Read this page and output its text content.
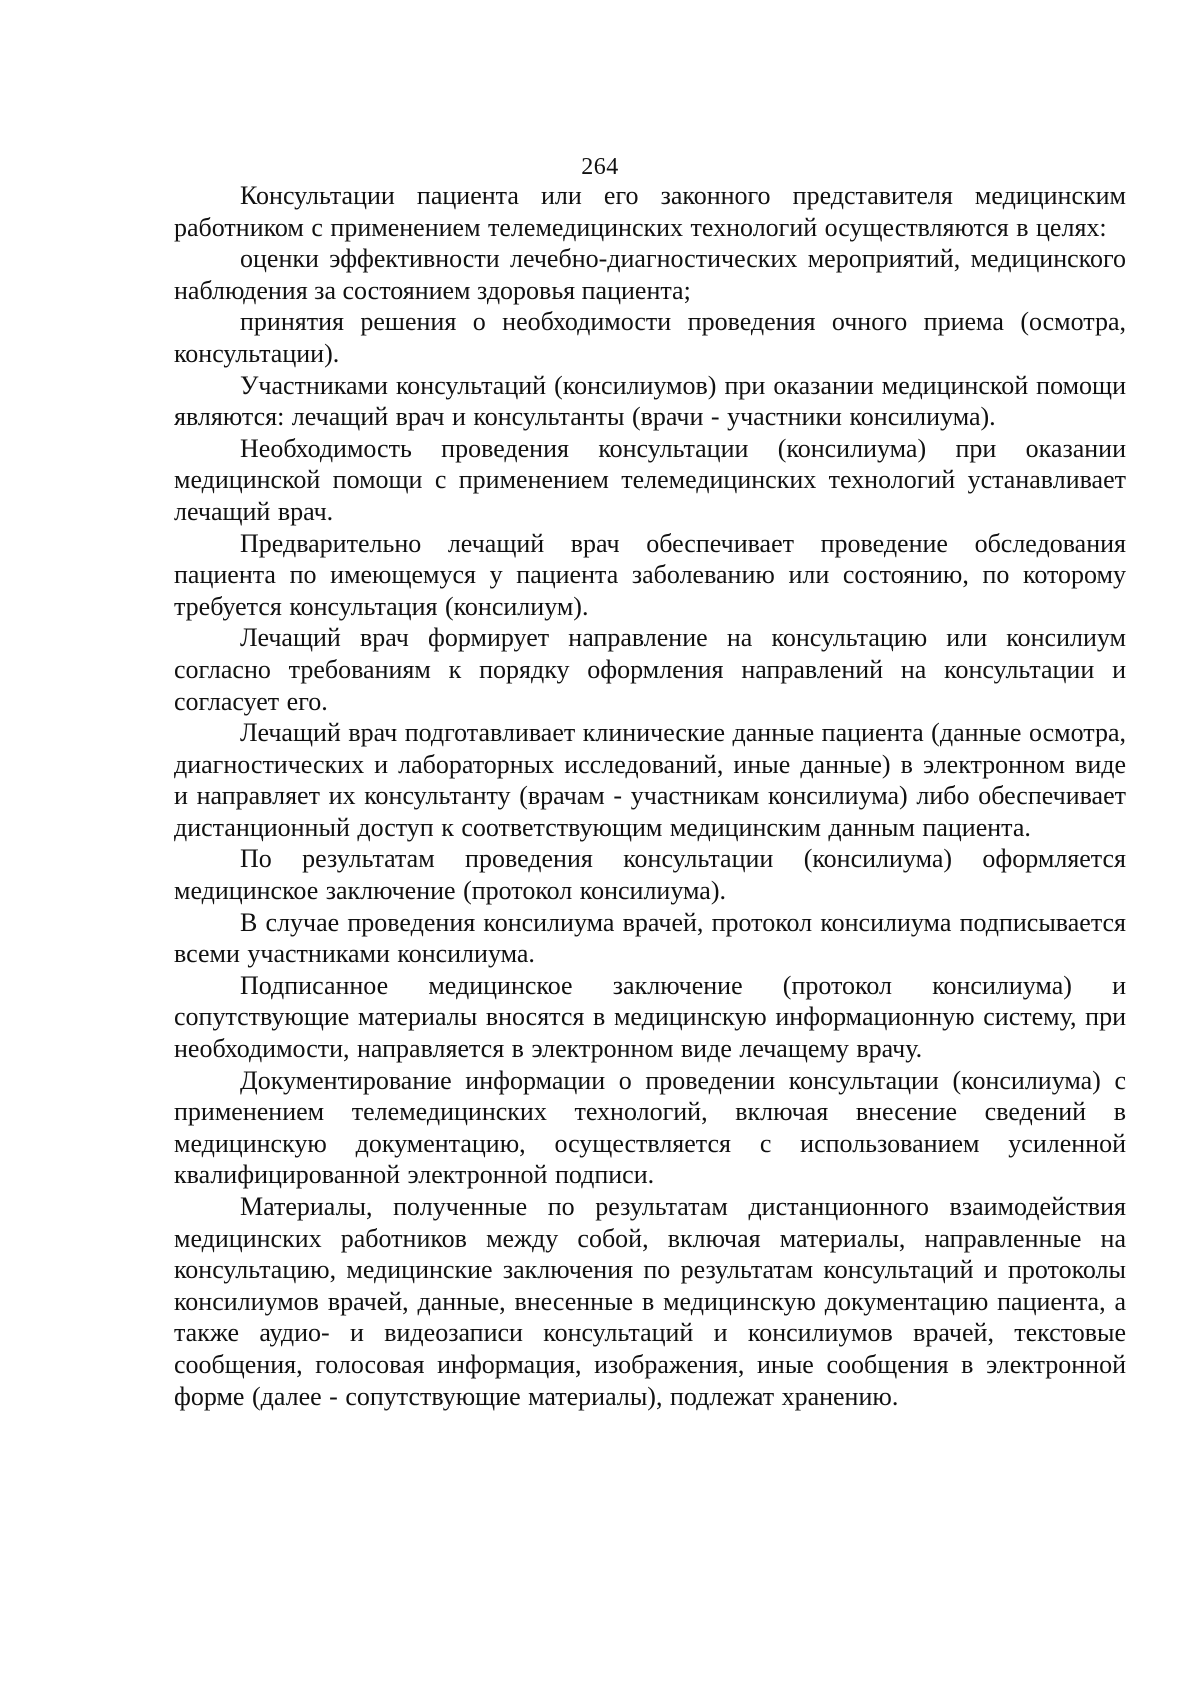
264

Консультации пациента или его законного представителя медицинским работником с применением телемедицинских технологий осуществляются в целях:

оценки эффективности лечебно-диагностических мероприятий, медицинского наблюдения за состоянием здоровья пациента;

принятия решения о необходимости проведения очного приема (осмотра, консультации).

Участниками консультаций (консилиумов) при оказании медицинской помощи являются: лечащий врач и консультанты (врачи - участники консилиума).

Необходимость проведения консультации (консилиума) при оказании медицинской помощи с применением телемедицинских технологий устанавливает лечащий врач.

Предварительно лечащий врач обеспечивает проведение обследования пациента по имеющемуся у пациента заболеванию или состоянию, по которому требуется консультация (консилиум).

Лечащий врач формирует направление на консультацию или консилиум согласно требованиям к порядку оформления направлений на консультации и согласует его.

Лечащий врач подготавливает клинические данные пациента (данные осмотра, диагностических и лабораторных исследований, иные данные) в электронном виде и направляет их консультанту (врачам - участникам консилиума) либо обеспечивает дистанционный доступ к соответствующим медицинским данным пациента.

По результатам проведения консультации (консилиума) оформляется медицинское заключение (протокол консилиума).

В случае проведения консилиума врачей, протокол консилиума подписывается всеми участниками консилиума.

Подписанное медицинское заключение (протокол консилиума) и сопутствующие материалы вносятся в медицинскую информационную систему, при необходимости, направляется в электронном виде лечащему врачу.

Документирование информации о проведении консультации (консилиума) с применением телемедицинских технологий, включая внесение сведений в медицинскую документацию, осуществляется с использованием усиленной квалифицированной электронной подписи.

Материалы, полученные по результатам дистанционного взаимодействия медицинских работников между собой, включая материалы, направленные на консультацию, медицинские заключения по результатам консультаций и протоколы консилиумов врачей, данные, внесенные в медицинскую документацию пациента, а также аудио- и видеозаписи консультаций и консилиумов врачей, текстовые сообщения, голосовая информация, изображения, иные сообщения в электронной форме (далее - сопутствующие материалы), подлежат хранению.
